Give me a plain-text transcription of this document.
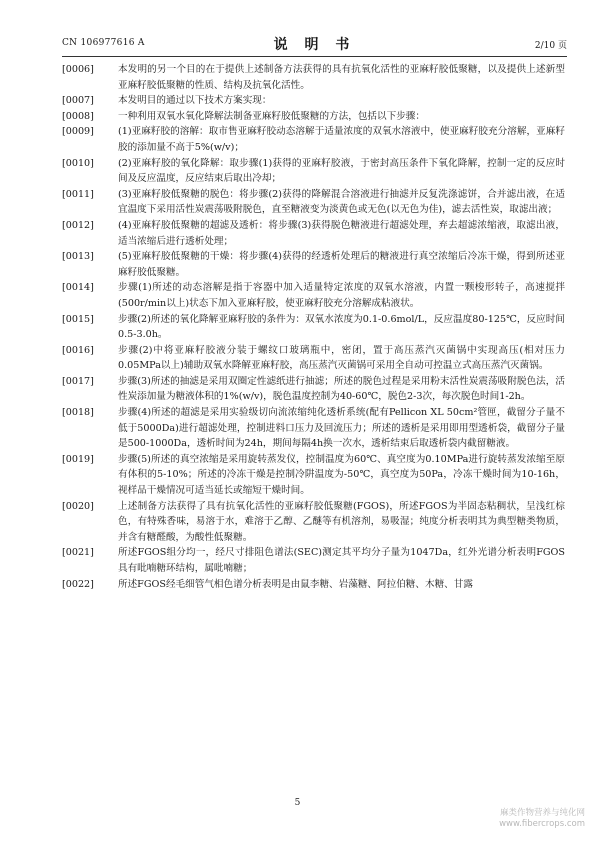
CN 106977616 A	说 明 书	2/10 页
[0006]	本发明的另一个目的在于提供上述制备方法获得的具有抗氧化活性的亚麻籽胶低聚糖，以及提供上述新型亚麻籽胶低聚糖的性质、结构及抗氧化活性。
[0007]	本发明目的通过以下技术方案实现：
[0008]	一种利用双氧水氧化降解法制备亚麻籽胶低聚糖的方法，包括以下步骤：
[0009]	(1)亚麻籽胶的溶解：取市售亚麻籽胶动态溶解于适量浓度的双氧水溶液中，使亚麻籽胶充分溶解，亚麻籽胶的添加量不高于5%(w/v)；
[0010]	(2)亚麻籽胶的氧化降解：取步骤(1)获得的亚麻籽胶液，于密封高压条件下氧化降解，控制一定的反应时间及反应温度，反应结束后取出冷却；
[0011]	(3)亚麻籽胶低聚糖的脱色：将步骤(2)获得的降解混合溶液进行抽滤并反复洗涤滤饼，合并滤出液，在适宜温度下采用活性炭震荡吸附脱色，直至糖液变为淡黄色或无色(以无色为佳)，滤去活性炭，取滤出液；
[0012]	(4)亚麻籽胶低聚糖的超滤及透析：将步骤(3)获得脱色糖液进行超滤处理，弃去超滤浓缩液，取滤出液，适当浓缩后进行透析处理；
[0013]	(5)亚麻籽胶低聚糖的干燥：将步骤(4)获得的经透析处理后的糖液进行真空浓缩后冷冻干燥，得到所述亚麻籽胶低聚糖。
[0014]	步骤(1)所述的动态溶解是指于容器中加入适量特定浓度的双氧水溶液，内置一颗梭形转子，高速搅拌(500r/min以上)状态下加入亚麻籽胶，使亚麻籽胶充分溶解成粘液状。
[0015]	步骤(2)所述的氧化降解亚麻籽胶的条件为：双氧水浓度为0.1-0.6mol/L，反应温度80-125℃，反应时间0.5-3.0h。
[0016]	步骤(2)中将亚麻籽胶液分装于螺纹口玻璃瓶中，密闭，置于高压蒸汽灭菌锅中实现高压(相对压力0.05MPa以上)辅助双氧水降解亚麻籽胶，高压蒸汽灭菌锅可采用全自动可控温立式高压蒸汽灭菌锅。
[0017]	步骤(3)所述的抽滤是采用双圈定性滤纸进行抽滤；所述的脱色过程是采用粉末活性炭震荡吸附脱色法，活性炭添加量为糖液体积的1%(w/v)，脱色温度控制为40-60℃，脱色2-3次，每次脱色时间1-2h。
[0018]	步骤(4)所述的超滤是采用实验级切向流浓缩纯化透析系统(配有Pellicon XL 50cm²管匣，截留分子量不低于5000Da)进行超滤处理，控制进料口压力及回流压力；所述的透析是采用即用型透析袋，截留分子量是500-1000Da，透析时间为24h，期间每隔4h换一次水，透析结束后取透析袋内截留糖液。
[0019]	步骤(5)所述的真空浓缩是采用旋转蒸发仪，控制温度为60℃、真空度为0.10MPa进行旋转蒸发浓缩至原有体积的5-10%；所述的冷冻干燥是控制冷阱温度为-50℃，真空度为50Pa，冷冻干燥时间为10-16h，视样品干燥情况可适当延长或缩短干燥时间。
[0020]	上述制备方法获得了具有抗氧化活性的亚麻籽胶低聚糖(FGOS)，所述FGOS为半固态粘稠状，呈浅红棕色，有特殊香味，易溶于水，难溶于乙醇、乙醚等有机溶剂，易吸湿；纯度分析表明其为典型糖类物质，并含有糖醛酸，为酸性低聚糖。
[0021]	所述FGOS组分均一，经尺寸排阻色谱法(SEC)测定其平均分子量为1047Da，红外光谱分析表明FGOS具有吡喃糖环结构，属吡喃糖；
[0022]	所述FGOS经毛细管气相色谱分析表明是由鼠李糖、岩藻糖、阿拉伯糖、木糖、甘露
5
麻类作物营养与纯化网
www.fibercrops.com
